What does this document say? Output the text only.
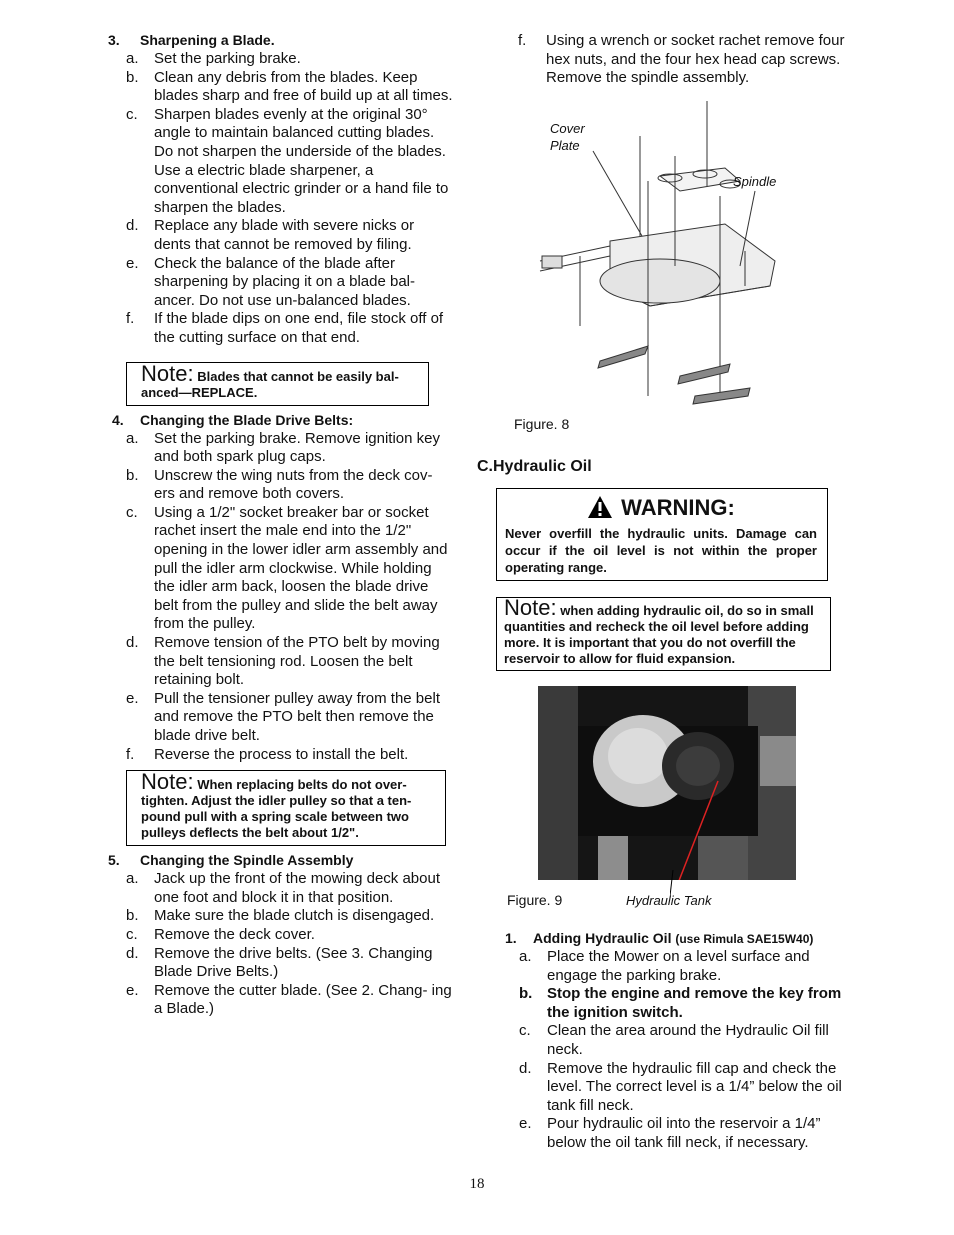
3.	Sharpening a Blade.
a.	Set the parking brake.
b.	Clean any debris from the blades. Keep blades sharp and free of build up at all times.
c.	Sharpen blades evenly at the original 30° angle to maintain balanced cutting blades. Do not sharpen the underside of the blades. Use a electric blade sharpener, a conventional electric grinder or a hand file to sharpen the blades.
d.	Replace any blade with severe nicks or dents that cannot be removed by filing.
e.	Check the balance of the blade after sharpening by placing it on a blade bal- ancer. Do not use un-balanced blades.
f.	If the blade dips on one end, file stock off of the cutting surface on that end.
Note: Blades that cannot be easily bal- anced—REPLACE.
4.	Changing the Blade Drive Belts:
a.	Set the parking brake. Remove ignition key and both spark plug caps.
b.	Unscrew the wing nuts from the deck cov- ers and remove both covers.
c.	Using a 1/2" socket breaker bar or socket rachet insert the male end into the 1/2" opening in the lower idler arm assembly and pull the idler arm clockwise. While holding the idler arm back, loosen the blade drive belt from the pulley and slide the belt away from the pulley.
d.	Remove tension of the PTO belt by moving the belt tensioning rod. Loosen the belt retaining bolt.
e.	Pull the tensioner pulley away from the belt and remove the PTO belt then remove the blade drive belt.
f.	Reverse the process to install the belt.
Note: When replacing belts do not over- tighten. Adjust the idler pulley so that a ten- pound pull with a spring scale between two pulleys deflects the belt about 1/2".
5.	Changing the Spindle Assembly
a.	Jack up the front of the mowing deck about one foot and block it in that position.
b.	Make sure the blade clutch is disengaged.
c.	Remove the deck cover.
d.	Remove the drive belts. (See 3. Changing Blade Drive Belts.)
e.	Remove the cutter blade. (See 2. Chang- ing a Blade.)
f.	Using a wrench or socket rachet remove four hex nuts, and the four hex head cap screws. Remove the spindle assembly.
Cover Plate
Spindle
Figure. 8
C.Hydraulic Oil
WARNING:
Never overfill the hydraulic units. Damage can occur if the oil level is not within the proper operating range.
Note: when adding hydraulic oil, do so in small quantities and recheck the oil level before adding more. It is important that you do not overfill the reservoir to allow for fluid expansion.
Figure. 9	Hydraulic Tank
1.	Adding Hydraulic Oil
(use Rimula SAE15W40)
a.	Place the Mower on a level surface and engage the parking brake.
b. Stop the engine and remove the key from the ignition switch.
c.	Clean the area around the Hydraulic Oil fill neck.
d.	Remove the hydraulic fill cap and check the level. The correct level is a 1/4” below the oil tank fill neck.
e.	Pour hydraulic oil into the reservoir a 1/4” below the oil tank fill neck, if necessary.
18
